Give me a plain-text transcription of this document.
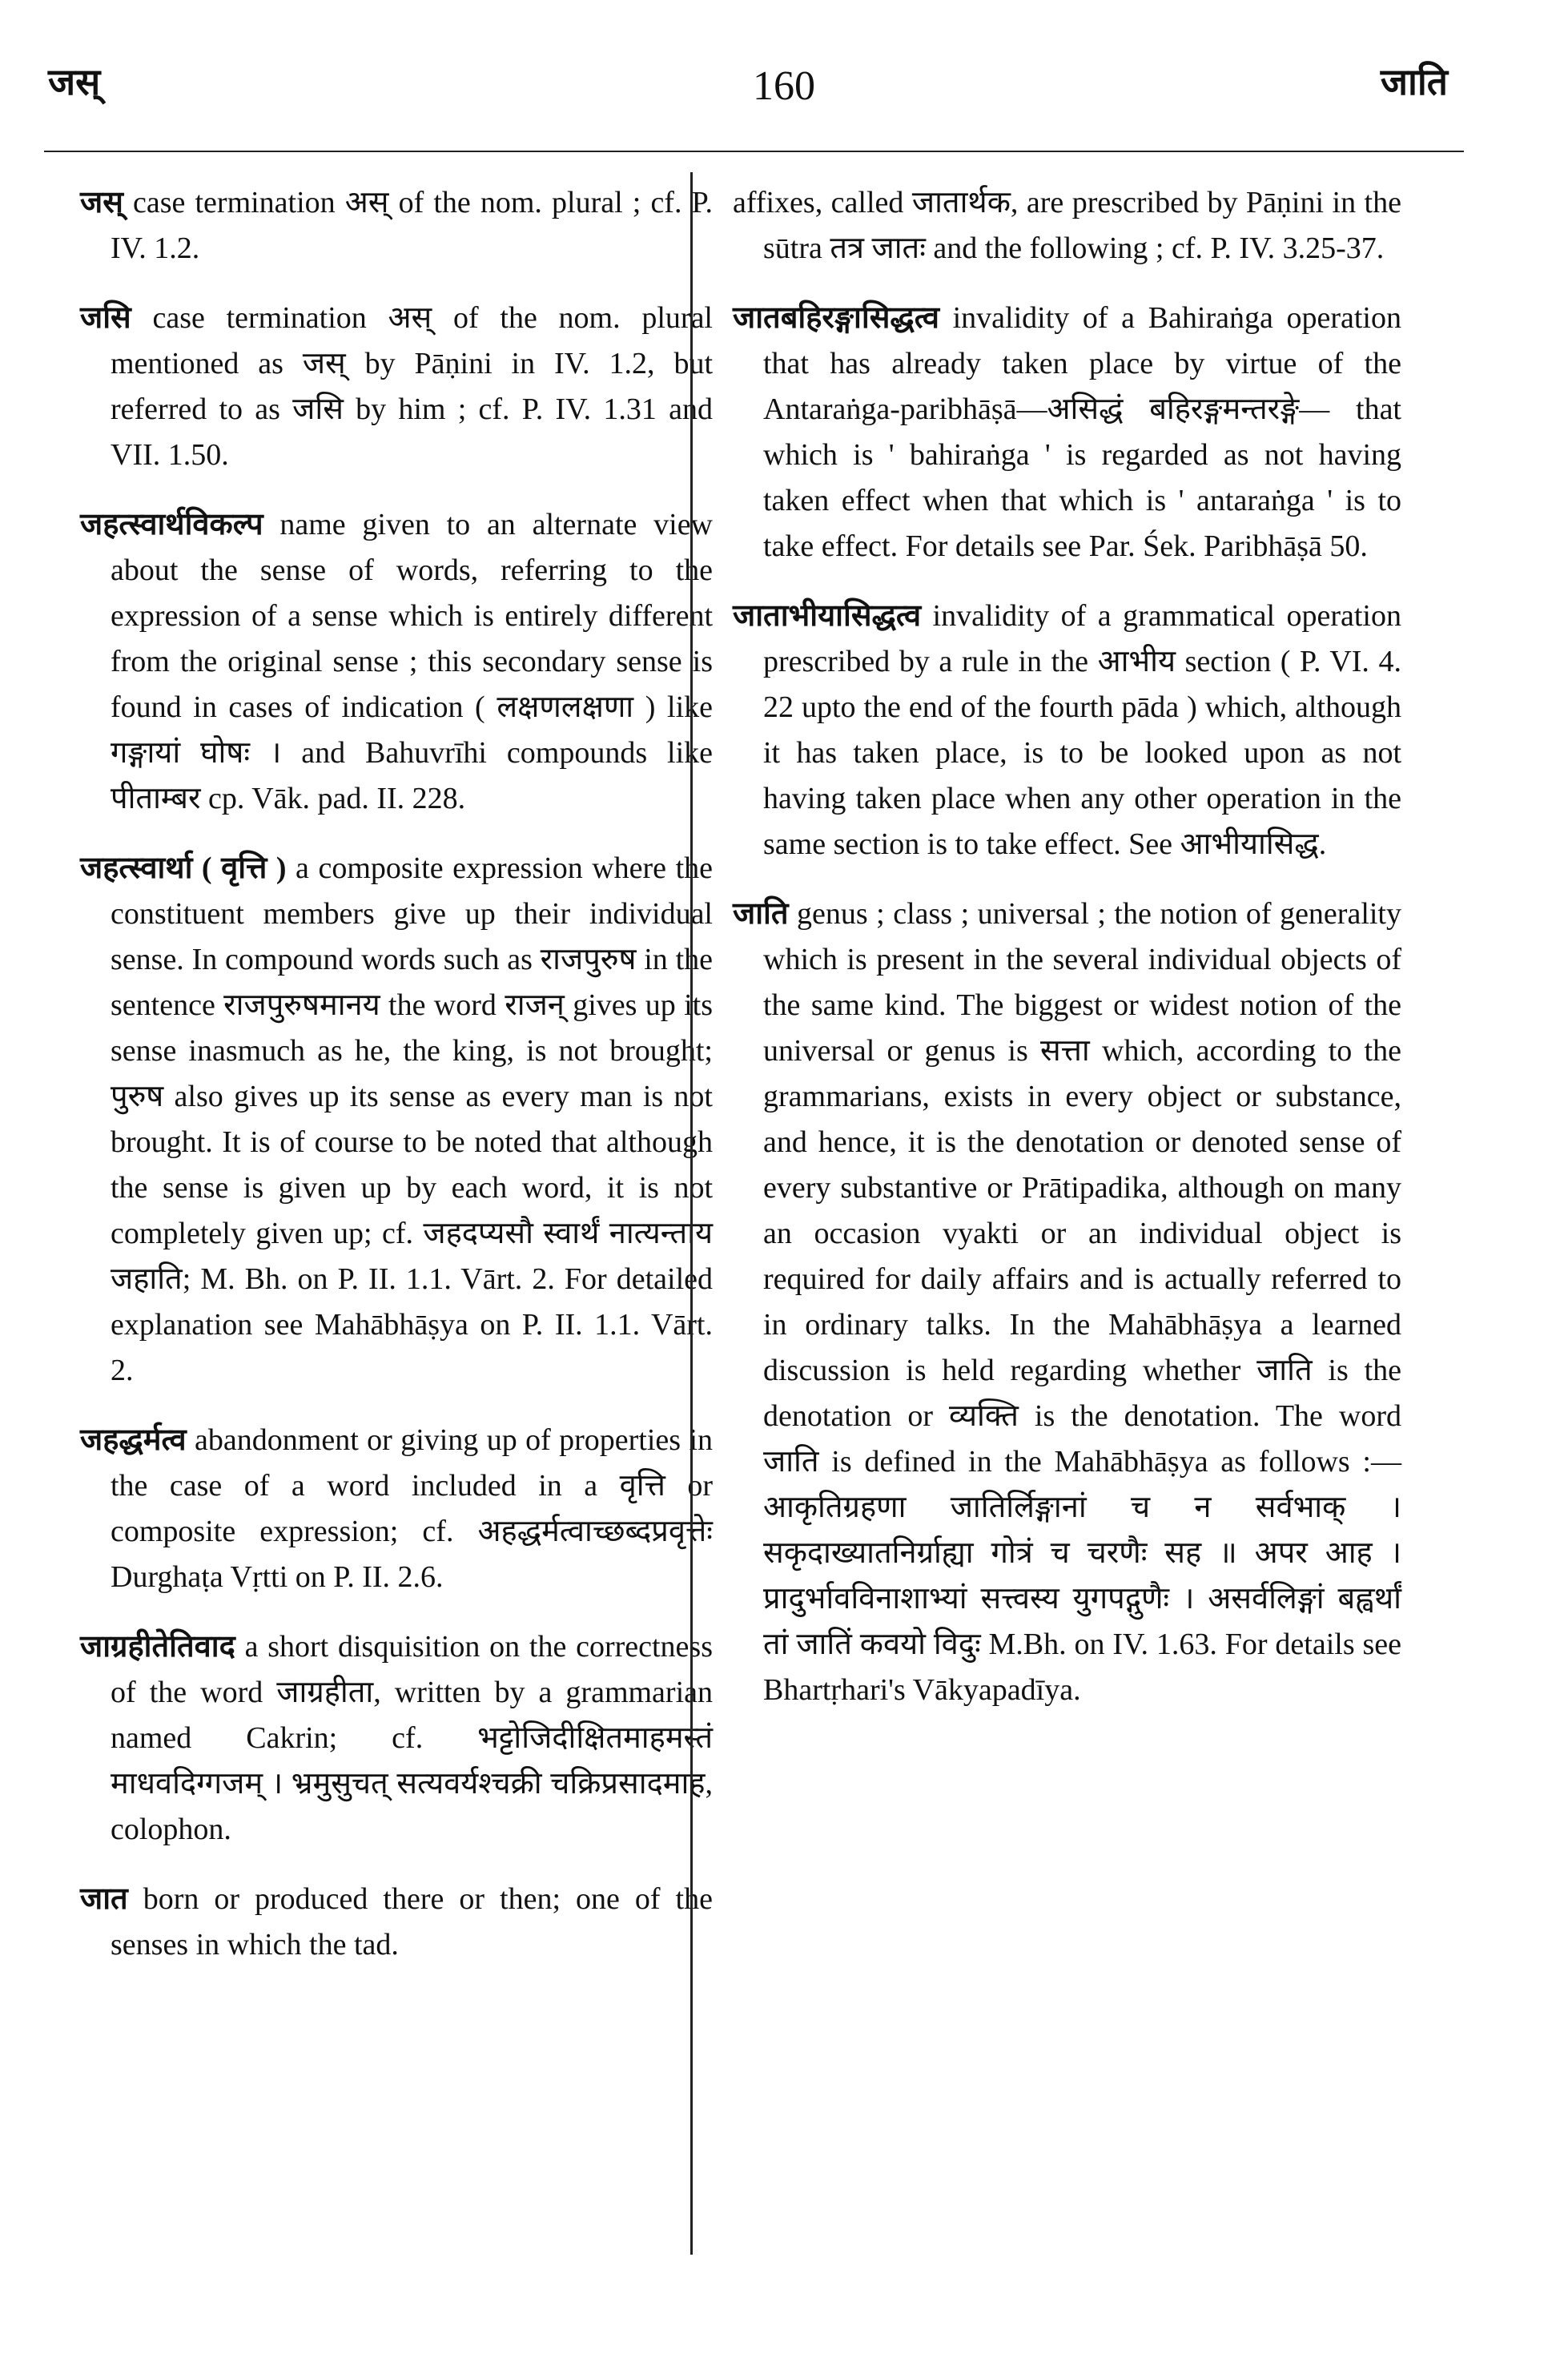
जस्	160	जाति

जस् case termination अस् of the nom. plural ; cf. P. IV. 1.2.

जसि case termination अस् of the nom. plural mentioned as जस् by Pāṇini in IV. 1.2, but referred to as जसि by him ; cf. P. IV. 1.31 and VII. 1.50.

जहत्स्वार्थविकल्प name given to an alternate view about the sense of words, referring to the expression of a sense which is entirely different from the original sense ; this secondary sense is found in cases of indication ( लक्षणलक्षणा ) like गङ्गायां घोषः । and Bahuvrīhi compounds like पीताम्बर cp. Vāk. pad. II. 228.

जहत्स्वार्था ( वृत्ति ) a composite expression where the constituent members give up their individual sense. In compound words such as राजपुरुष in the sentence राजपुरुषमानय the word राजन् gives up its sense inasmuch as he, the king, is not brought; पुरुष also gives up its sense as every man is not brought. It is of course to be noted that although the sense is given up by each word, it is not completely given up; cf. जहदप्यसौ स्वार्थं नात्यन्ताय जहाति; M. Bh. on P. II. 1.1. Vārt. 2. For detailed explanation see Mahābhāṣya on P. II. 1.1. Vārt. 2.

जहद्धर्मत्व abandonment or giving up of properties in the case of a word included in a वृत्ति or composite expression; cf. अहद्धर्मत्वाच्छब्दप्रवृत्तेः Durghaṭa Vṛtti on P. II. 2.6.

जाग्रहीतेतिवाद a short disquisition on the correctness of the word जाग्रहीता, written by a grammarian named Cakrin; cf. भट्टोजिदीक्षितमाहमस्तं माधवदिग्गजम् । भ्रमुसुचत् सत्यवर्यश्चक्री चक्रिप्रसादमाह, colophon.

जात born or produced there or then; one of the senses in which the tad.

affixes, called जातार्थक, are prescribed by Pāṇini in the sūtra तत्र जातः and the following ; cf. P. IV. 3.25-37.

जातबहिरङ्गासिद्धत्व invalidity of a Bahiraṅga operation that has already taken place by virtue of the Antaraṅga-paribhāṣā—असिद्धं बहिरङ्गमन्तरङ्गे— that which is ' bahiraṅga ' is regarded as not having taken effect when that which is ' antaraṅga ' is to take effect. For details see Par. Śek. Paribhāṣā 50.

जाताभीयासिद्धत्व invalidity of a grammatical operation prescribed by a rule in the आभीय section ( P. VI. 4. 22 upto the end of the fourth pāda ) which, although it has taken place, is to be looked upon as not having taken place when any other operation in the same section is to take effect. See आभीयासिद्ध.

जाति genus ; class ; universal ; the notion of generality which is present in the several individual objects of the same kind. The biggest or widest notion of the universal or genus is सत्ता which, according to the grammarians, exists in every object or substance, and hence, it is the denotation or denoted sense of every substantive or Prātipadika, although on many an occasion vyakti or an individual object is required for daily affairs and is actually referred to in ordinary talks. In the Mahābhāṣya a learned discussion is held regarding whether जाति is the denotation or व्यक्ति is the denotation. The word जाति is defined in the Mahābhāṣya as follows :—आकृतिग्रहणा जातिर्लिङ्गानां च न सर्वभाक् । सकृदाख्यातनिर्ग्राह्या गोत्रं च चरणैः सह ॥ अपर आह । प्रादुर्भावविनाशाभ्यां सत्त्वस्य युगपद्गुणैः । असर्वलिङ्गां बह्वर्थां तां जातिं कवयो विदुः M.Bh. on IV. 1.63. For details see Bhartṛhari's Vākyapadīya.
